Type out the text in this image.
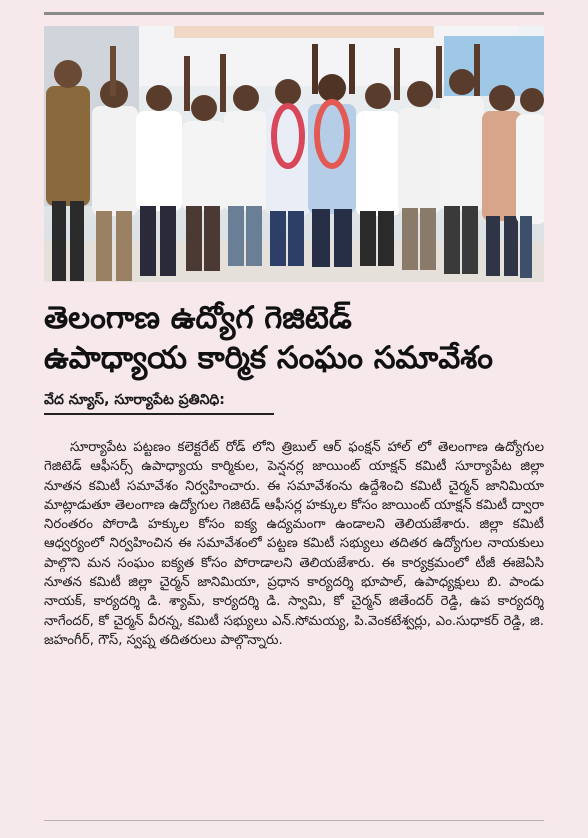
తెలంగాణ ఉద్యోగ గెజిటెడ్
ఉపాధ్యాయ కార్మిక సంఘం సమావేశం
వేద న్యూస్, సూర్యాపేట ప్రతినిధి:
సూర్యాపేట పట్టణం కలెక్టరేట్ రోడ్ లోని త్రిబుల్ ఆర్ ఫంక్షన్ హాల్ లో తెలంగాణ ఉద్యోగుల గెజిటెడ్ ఆఫీసర్స్ ఉపాధ్యాయ కార్మికుల, పెన్షనర్ల జాయింట్ యాక్షన్ కమిటీ సూర్యాపేట జిల్లా నూతన కమిటీ సమావేశం నిర్వహించారు. ఈ సమావేశంను ఉద్దేశించి కమిటీ చైర్మన్ జానిమియా మాట్లాడుతూ తెలంగాణ ఉద్యోగుల గెజిటెడ్ ఆఫీసర్ల హక్కుల కోసం జాయింట్ యాక్షన్ కమిటీ ద్వారా నిరంతరం పోరాడి హక్కుల కోసం ఐక్య ఉద్యమంగా ఉండాలని తెలియజేశారు. జిల్లా కమిటీ ఆధ్వర్యంలో నిర్వహించిన ఈ సమావేశంలో పట్టణ కమిటీ సభ్యులు తదితర ఉద్యోగుల నాయకులు పాల్గొని మన సంఘం ఐక్యత కోసం పోరాడాలని తెలియజేశారు. ఈ కార్యక్రమంలో టీజీ ఈజెఏసి నూతన కమిటీ జిల్లా చైర్మన్ జానిమియా, ప్రధాన కార్యదర్శి భూపాల్, ఉపాధ్యక్షులు బి. పాండు నాయక్, కార్యదర్శి డి. శ్యామ్, కార్యదర్శి డి. స్వామి, కో చైర్మన్ జితేందర్ రెడ్డి, ఉప కార్యదర్శి నాగేందర్, కో చైర్మన్ వీరన్న, కమిటీ సభ్యులు ఎన్.సోమయ్య, పి.వెంకటేశ్వర్లు, ఎం.సుధాకర్ రెడ్డి, జి. జహంగీర్, గౌస్, స్వప్న తదితరులు పాల్గొన్నారు.
